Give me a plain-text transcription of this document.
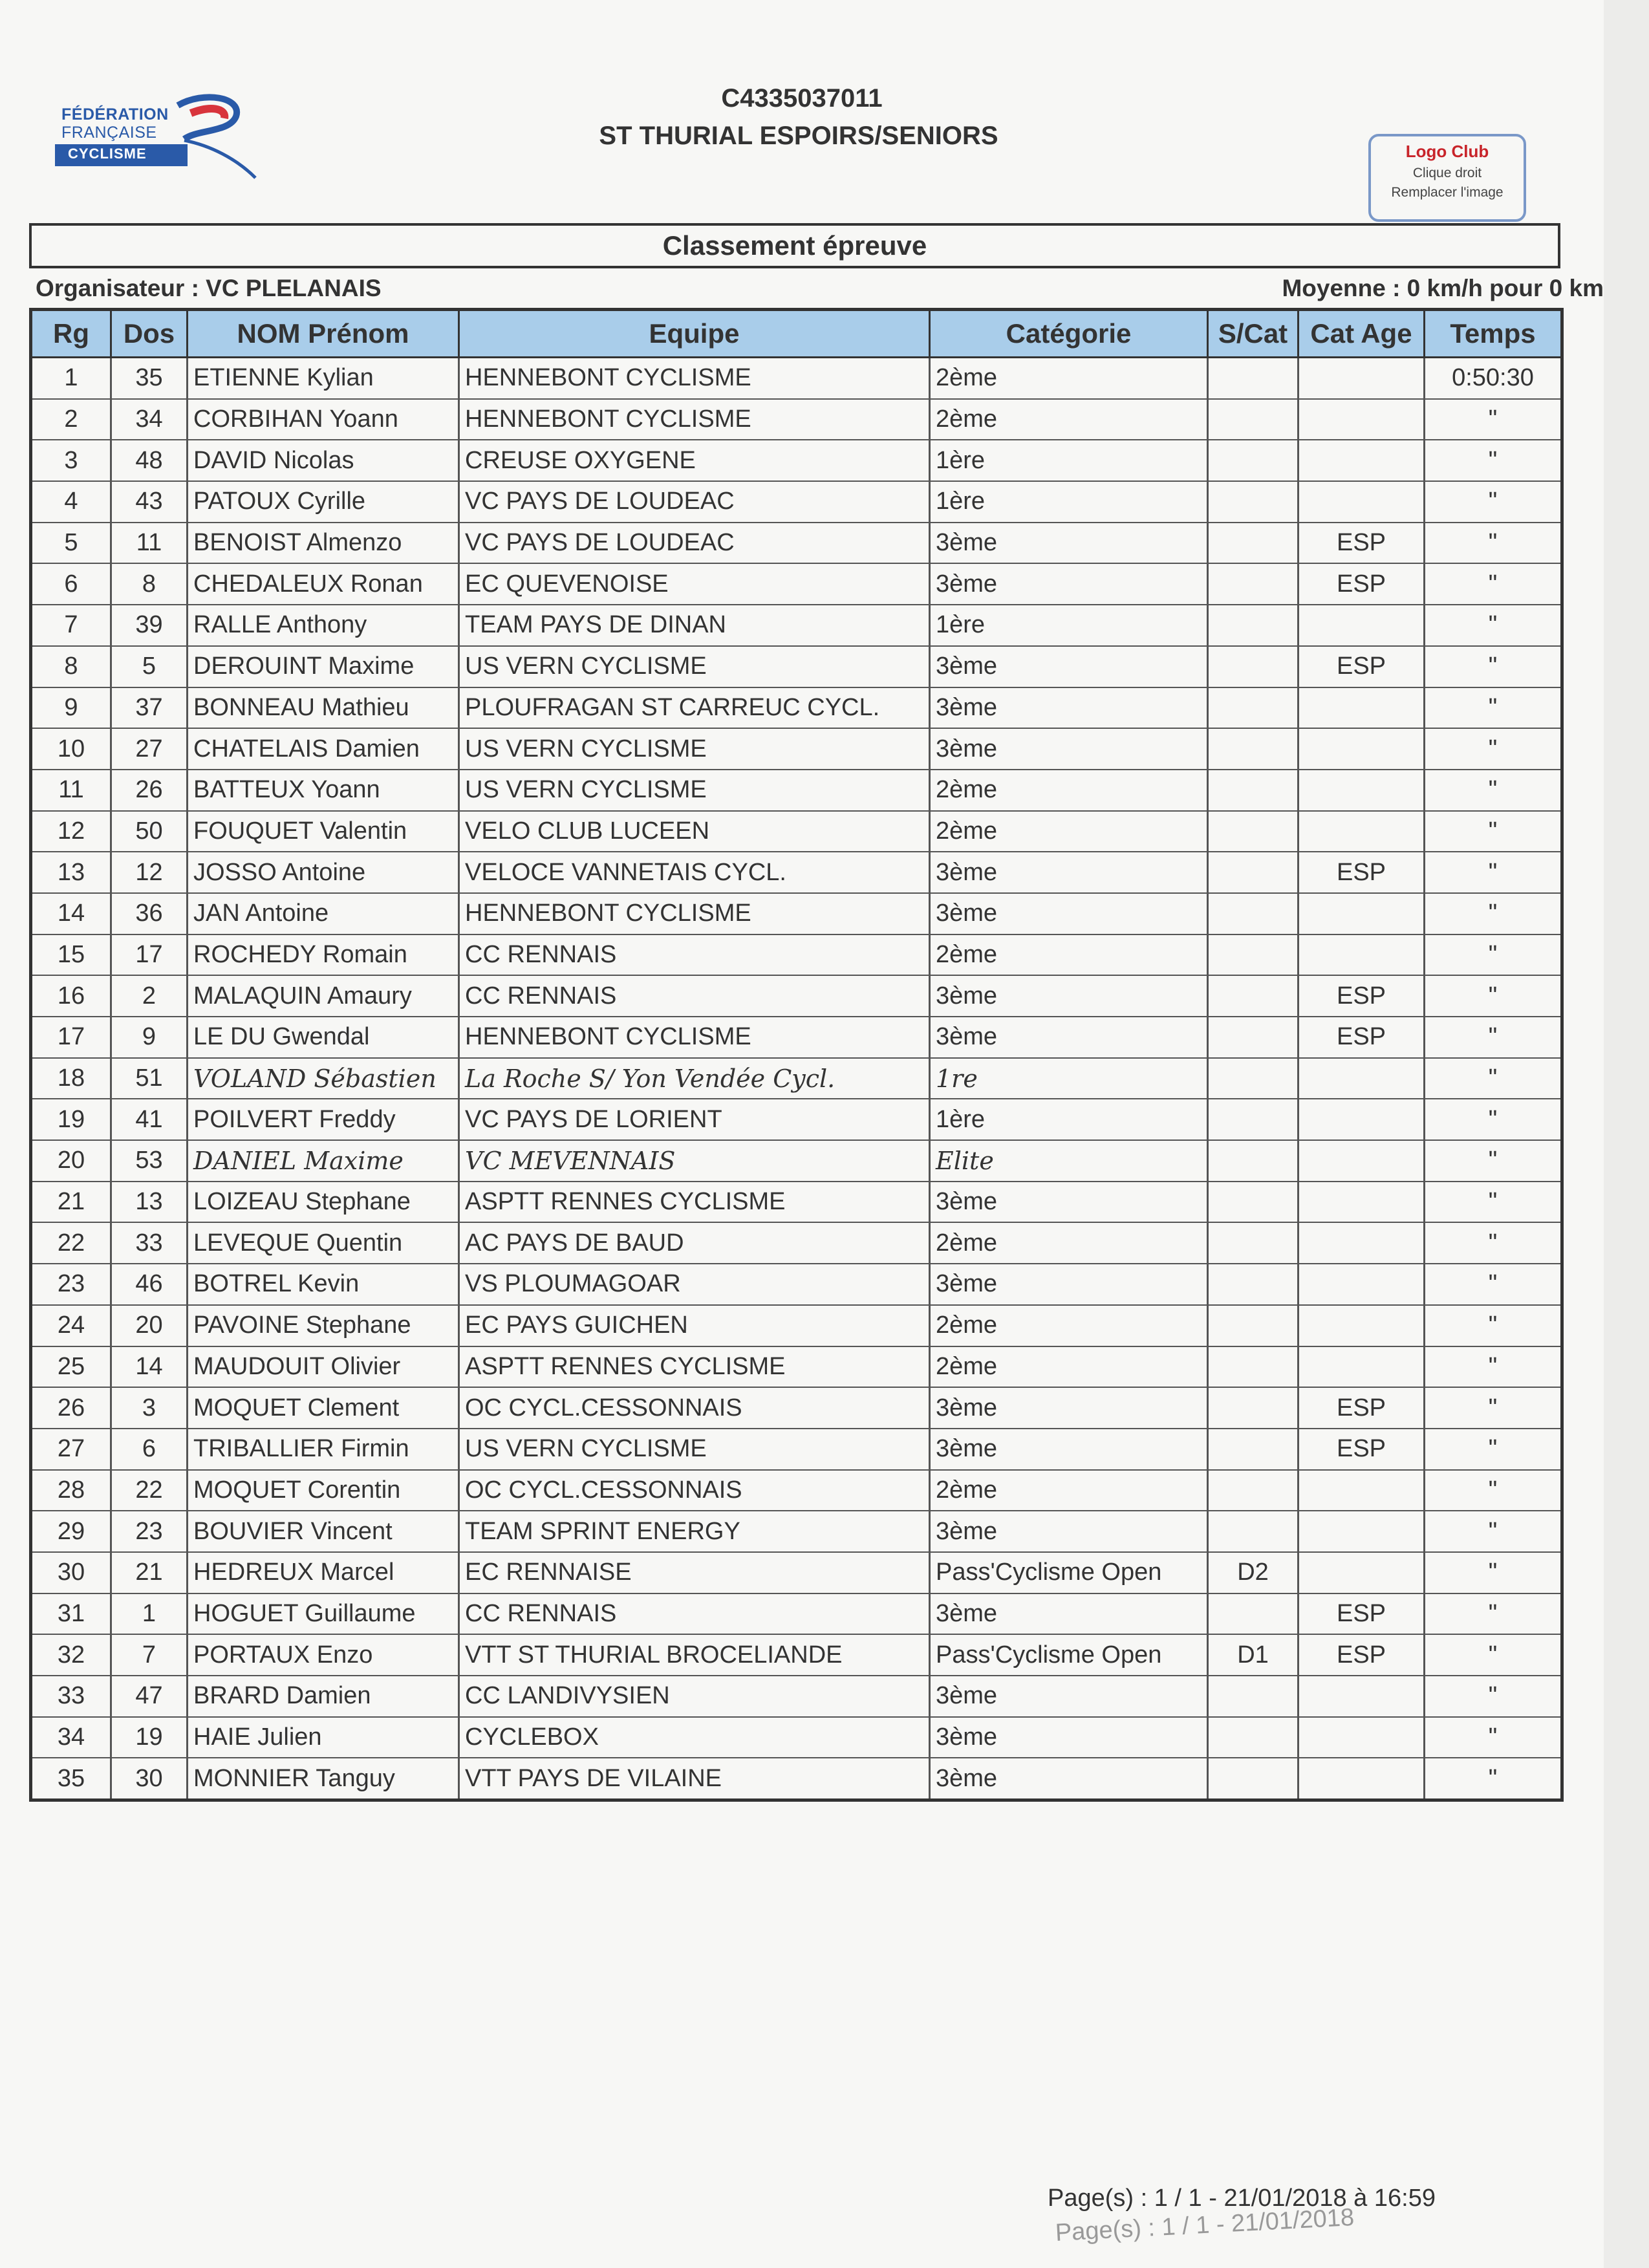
FÉDÉRATION
FRANÇAISE
CYCLISME
C4335037011
ST THURIAL ESPOIRS/SENIORS
Logo Club
Clique droit
Remplacer l'image
Classement épreuve
Organisateur : VC PLELANAIS	Moyenne : 0 km/h pour 0 km
Rg	Dos	NOM Prénom	Equipe	Catégorie	S/Cat	Cat Age	Temps
1	35	ETIENNE Kylian	HENNEBONT CYCLISME	2ème			0:50:30
2	34	CORBIHAN Yoann	HENNEBONT CYCLISME	2ème			"
3	48	DAVID Nicolas	CREUSE OXYGENE	1ère			"
4	43	PATOUX Cyrille	VC PAYS DE LOUDEAC	1ère			"
5	11	BENOIST Almenzo	VC PAYS DE LOUDEAC	3ème		ESP	"
6	8	CHEDALEUX Ronan	EC QUEVENOISE	3ème		ESP	"
7	39	RALLE Anthony	TEAM PAYS DE DINAN	1ère			"
8	5	DEROUINT Maxime	US VERN CYCLISME	3ème		ESP	"
9	37	BONNEAU Mathieu	PLOUFRAGAN ST CARREUC CYCL.	3ème			"
10	27	CHATELAIS Damien	US VERN CYCLISME	3ème			"
11	26	BATTEUX Yoann	US VERN CYCLISME	2ème			"
12	50	FOUQUET Valentin	VELO CLUB LUCEEN	2ème			"
13	12	JOSSO Antoine	VELOCE VANNETAIS CYCL.	3ème		ESP	"
14	36	JAN Antoine	HENNEBONT CYCLISME	3ème			"
15	17	ROCHEDY Romain	CC RENNAIS	2ème			"
16	2	MALAQUIN Amaury	CC RENNAIS	3ème		ESP	"
17	9	LE DU Gwendal	HENNEBONT CYCLISME	3ème		ESP	"
18	51	VOLAND Sébastien	La Roche S/ Yon Vendée Cycl.	1re			"
19	41	POILVERT Freddy	VC PAYS DE LORIENT	1ère			"
20	53	DANIEL Maxime	VC MEVENNAIS	Elite			"
21	13	LOIZEAU Stephane	ASPTT RENNES CYCLISME	3ème			"
22	33	LEVEQUE Quentin	AC PAYS DE BAUD	2ème			"
23	46	BOTREL Kevin	VS PLOUMAGOAR	3ème			"
24	20	PAVOINE Stephane	EC PAYS GUICHEN	2ème			"
25	14	MAUDOUIT Olivier	ASPTT RENNES CYCLISME	2ème			"
26	3	MOQUET Clement	OC CYCL.CESSONNAIS	3ème		ESP	"
27	6	TRIBALLIER Firmin	US VERN CYCLISME	3ème		ESP	"
28	22	MOQUET Corentin	OC CYCL.CESSONNAIS	2ème			"
29	23	BOUVIER Vincent	TEAM SPRINT ENERGY	3ème			"
30	21	HEDREUX Marcel	EC RENNAISE	Pass'Cyclisme Open	D2		"
31	1	HOGUET Guillaume	CC RENNAIS	3ème		ESP	"
32	7	PORTAUX Enzo	VTT ST THURIAL BROCELIANDE	Pass'Cyclisme Open	D1	ESP	"
33	47	BRARD Damien	CC LANDIVYSIEN	3ème			"
34	19	HAIE Julien	CYCLEBOX	3ème			"
35	30	MONNIER Tanguy	VTT PAYS DE VILAINE	3ème			"
Page(s) : 1 / 1 - 21/01/2018 à 16:59
Page(s) : 1 / 1 - 21/01/2018
